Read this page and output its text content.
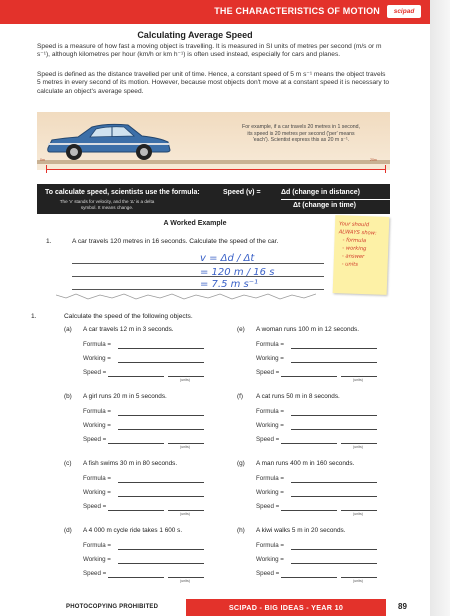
THE CHARACTERISTICS OF MOTION	scipad
Calculating Average Speed
Speed is a measure of how fast a moving object is travelling. It is measured in SI units of metres per second (m/s or m s⁻¹), although kilometres per hour (km/h or km h⁻¹) is often used instead, especially for cars and planes.
Speed is defined as the distance travelled per unit of time. Hence, a constant speed of 5 m s⁻¹ means the object travels 5 metres in every second of its motion. However, because most objects don't move at a constant speed it is necessary to calculate an object's average speed.
0m	20m
For example, if a car travels 20 metres in 1 second, its speed is 20 metres per second ('per' means 'each'). Scientist express this as 20 m s⁻¹.
To calculate speed, scientists use the formula:
The 'v' stands for velocity, and the 'Δ' is a delta symbol. It means change.
Speed (v) =	Δd (change in distance)
Δt (change in time)
A Worked Example
1.	A car travels 120 metres in 16 seconds. Calculate the speed of the car.
v = Δd / Δt
= 120 m / 16 s
= 7.5 m s⁻¹
Your should ALWAYS show:
- formula
- working
- answer
- units
1.	Calculate the speed of the following objects.
(a) A car travels 12 m in 3 seconds.
Formula =
Working =
Speed =
(units)
(b) A girl runs 20 m in 5 seconds.
Formula =
Working =
Speed =
(units)
(c) A fish swims 30 m in 80 seconds.
Formula =
Working =
Speed =
(units)
(d) A 4 000 m cycle ride takes 1 600 s.
Formula =
Working =
Speed =
(units)
(e) A woman runs 100 m in 12 seconds.
Formula =
Working =
Speed =
(units)
(f) A cat runs 50 m in 8 seconds.
Formula =
Working =
Speed =
(units)
(g) A man runs 400 m in 160 seconds.
Formula =
Working =
Speed =
(units)
(h) A kiwi walks 5 m in 20 seconds.
Formula =
Working =
Speed =
(units)
PHOTOCOPYING PROHIBITED	SCIPAD - BIG IDEAS - YEAR 10	89
